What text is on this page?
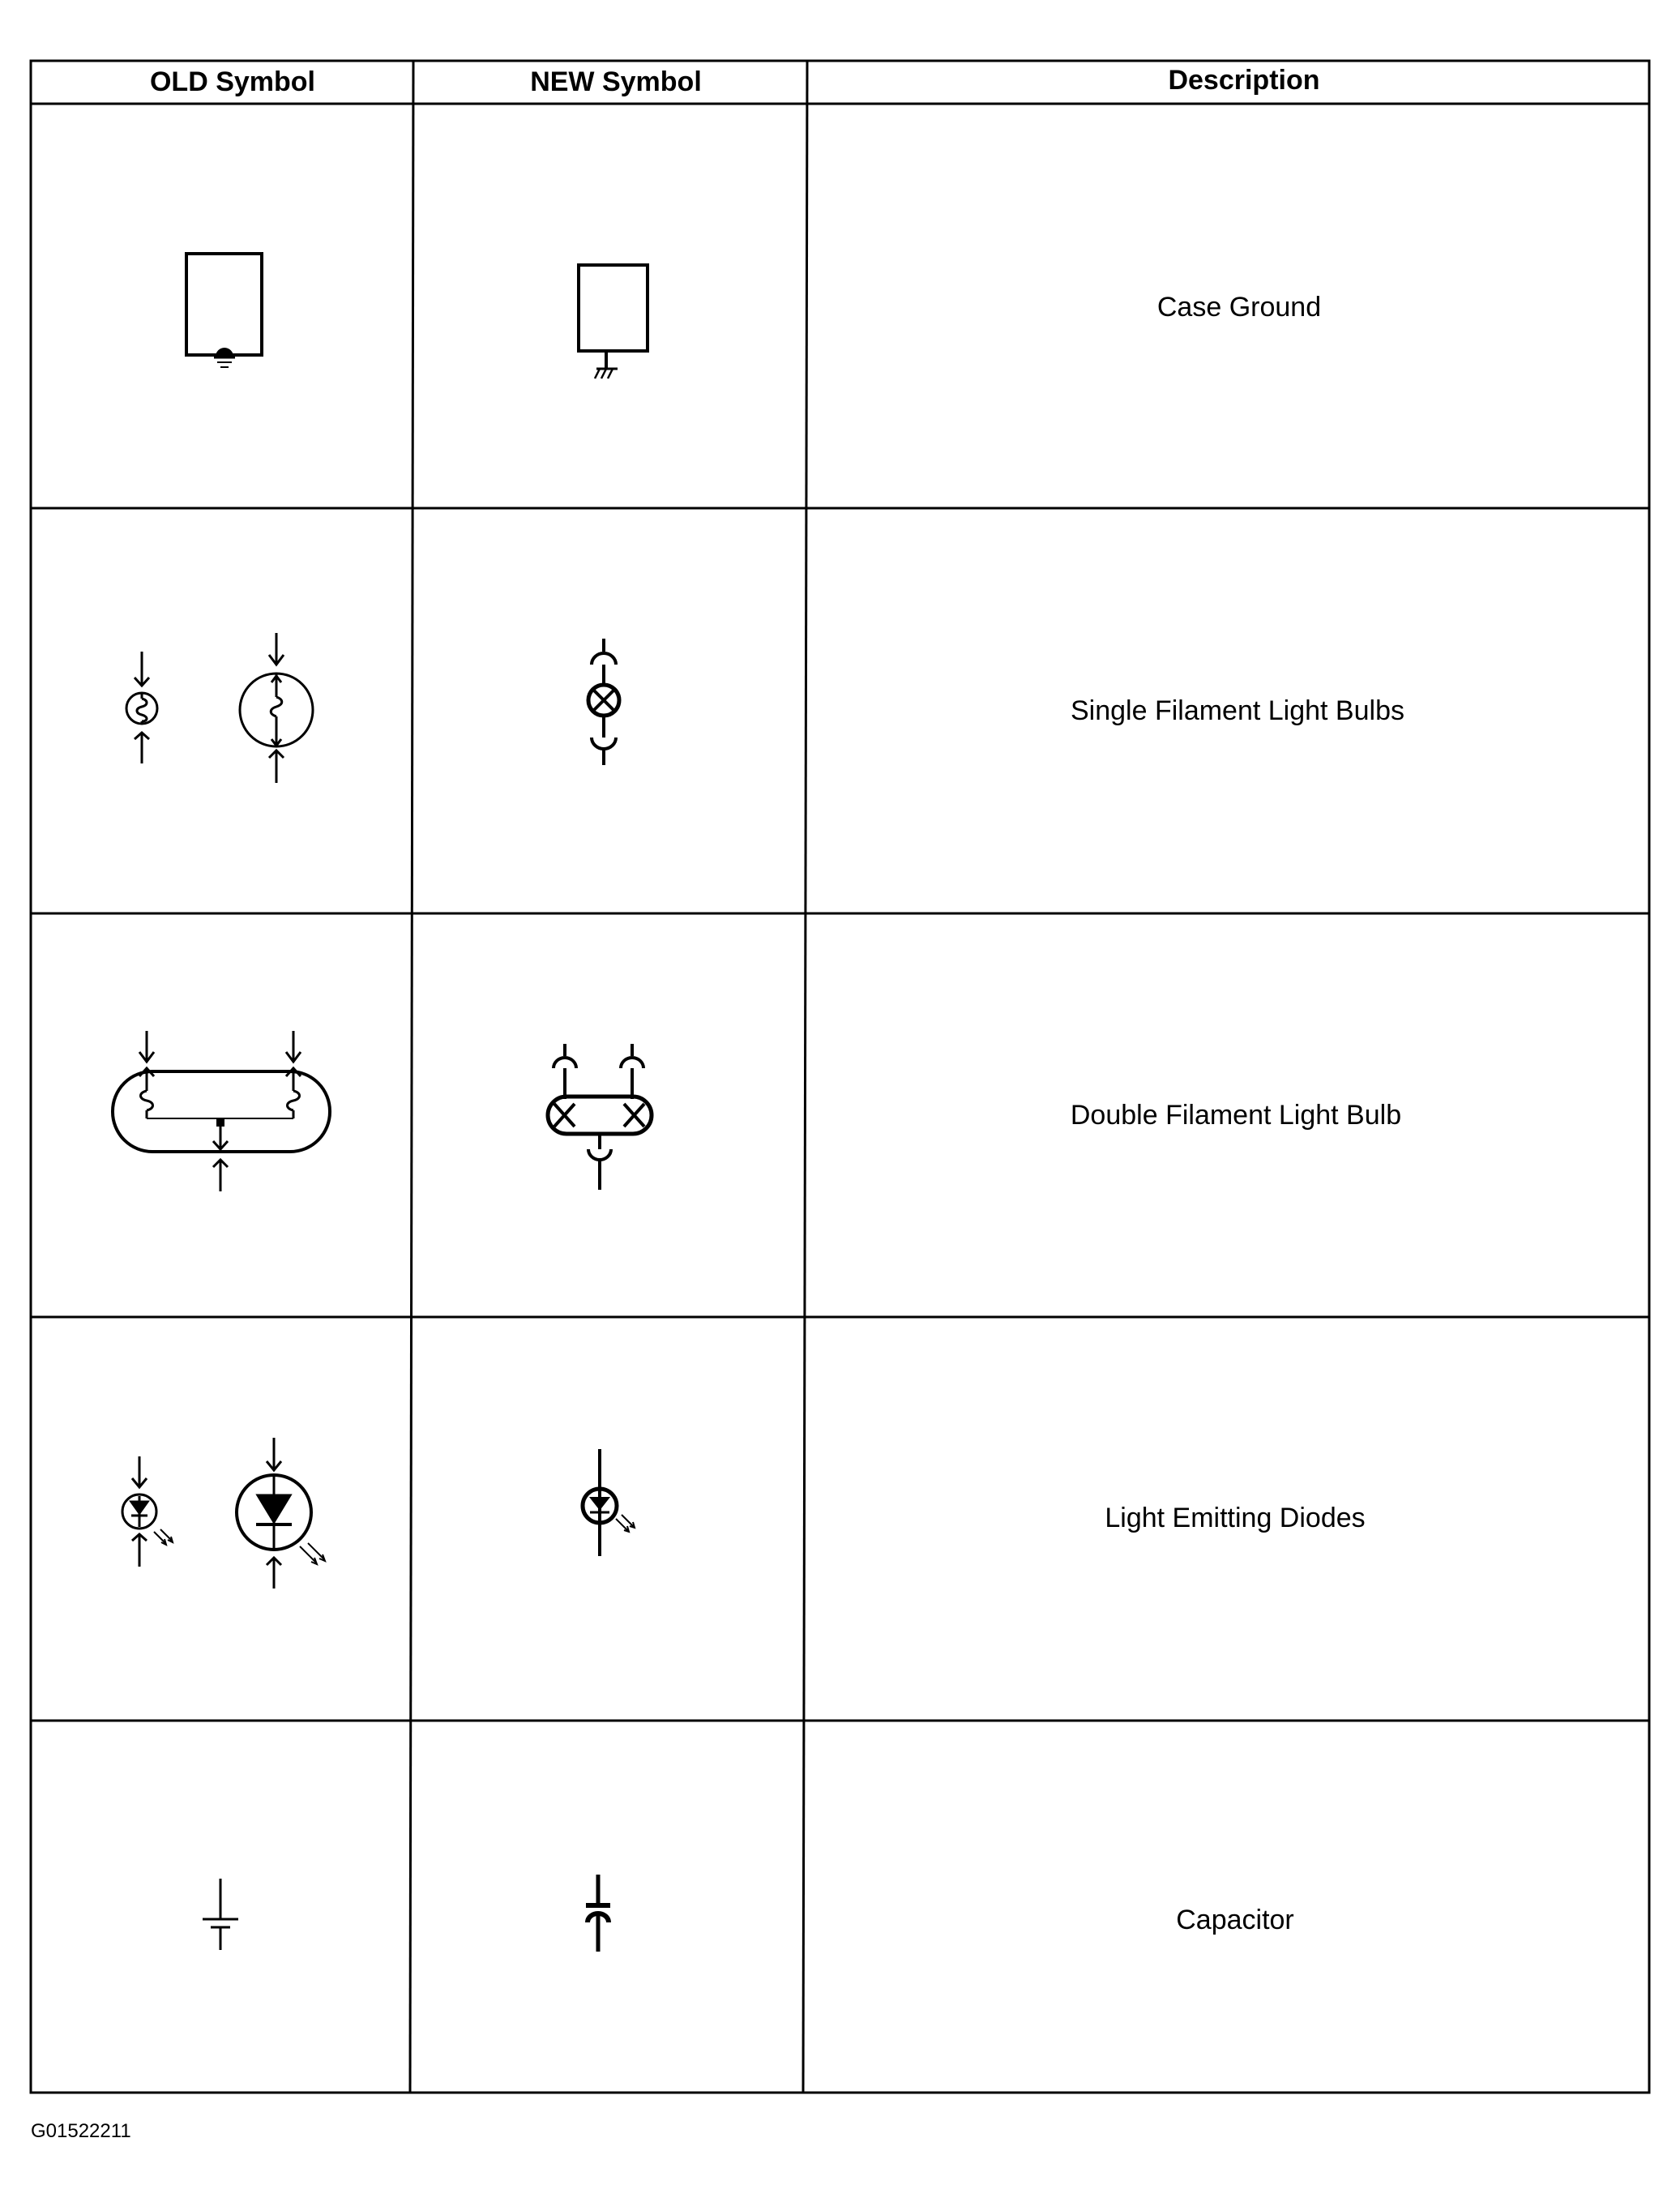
OLD Symbol	NEW Symbol	Description
Case Ground
Single Filament Light Bulbs
Double Filament Light Bulb
Light Emitting Diodes
Capacitor
G01522211
